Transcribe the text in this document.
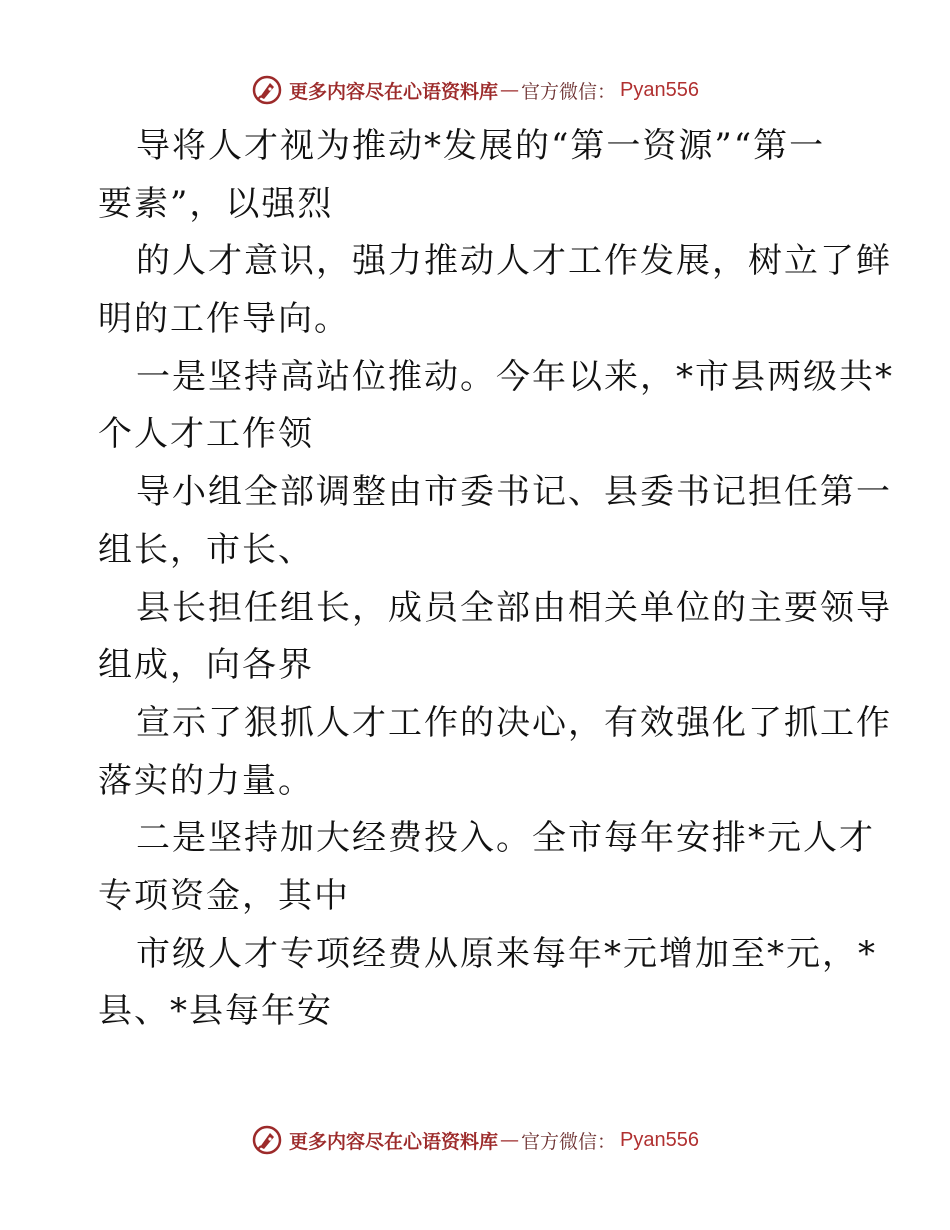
更多内容尽在心语资料库 — 官方微信： Pyan556
导将人才视为推动*发展的“第一资源”“第一
要素”，以强烈
的人才意识，强力推动人才工作发展，树立了鲜
明的工作导向。
一是坚持高站位推动。今年以来，*市县两级共*
个人才工作领
导小组全部调整由市委书记、县委书记担任第一
组长，市长、
县长担任组长，成员全部由相关单位的主要领导
组成，向各界
宣示了狠抓人才工作的决心，有效强化了抓工作
落实的力量。
二是坚持加大经费投入。全市每年安排*元人才
专项资金，其中
市级人才专项经费从原来每年*元增加至*元，*
县、*县每年安
更多内容尽在心语资料库 — 官方微信： Pyan556
